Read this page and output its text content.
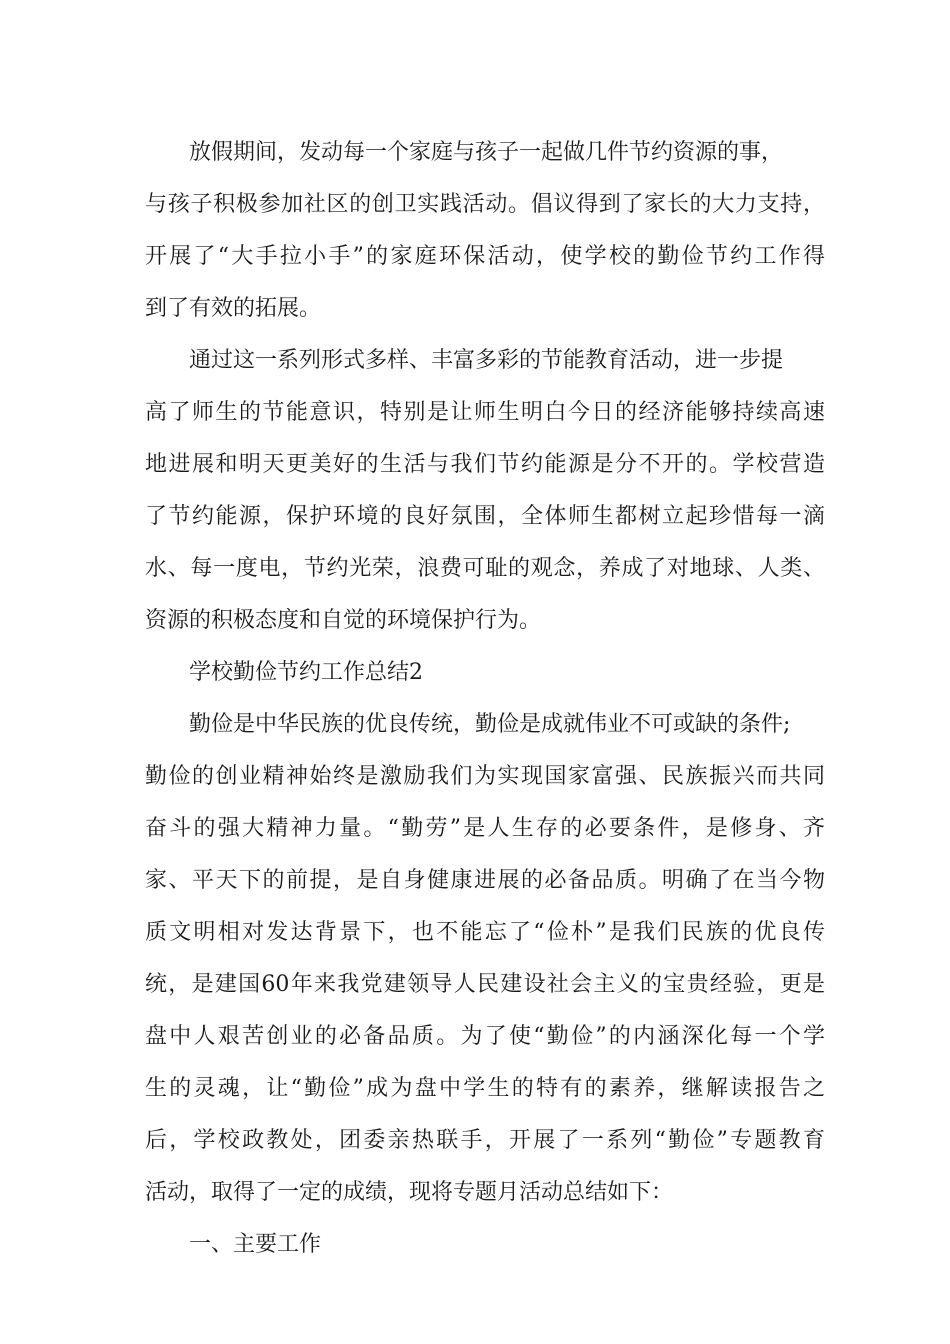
放假期间，发动每一个家庭与孩子一起做几件节约资源的事，
与孩子积极参加社区的创卫实践活动。倡议得到了家长的大力支持，
开展了“大手拉小手”的家庭环保活动，使学校的勤俭节约工作得
到了有效的拓展。
通过这一系列形式多样、丰富多彩的节能教育活动，进一步提
高了师生的节能意识，特别是让师生明白今日的经济能够持续高速
地进展和明天更美好的生活与我们节约能源是分不开的。学校营造
了节约能源，保护环境的良好氛围，全体师生都树立起珍惜每一滴
水、每一度电，节约光荣，浪费可耻的观念，养成了对地球、人类、
资源的积极态度和自觉的环境保护行为。
学校勤俭节约工作总结2
勤俭是中华民族的优良传统，勤俭是成就伟业不可或缺的条件;
勤俭的创业精神始终是激励我们为实现国家富强、民族振兴而共同
奋斗的强大精神力量。“勤劳”是人生存的必要条件，是修身、齐
家、平天下的前提，是自身健康进展的必备品质。明确了在当今物
质文明相对发达背景下，也不能忘了“俭朴”是我们民族的优良传
统，是建国60年来我党建领导人民建设社会主义的宝贵经验，更是
盘中人艰苦创业的必备品质。为了使“勤俭”的内涵深化每一个学
生的灵魂，让“勤俭”成为盘中学生的特有的素养，继解读报告之
后，学校政教处，团委亲热联手，开展了一系列“勤俭”专题教育
活动，取得了一定的成绩，现将专题月活动总结如下：
一、主要工作
